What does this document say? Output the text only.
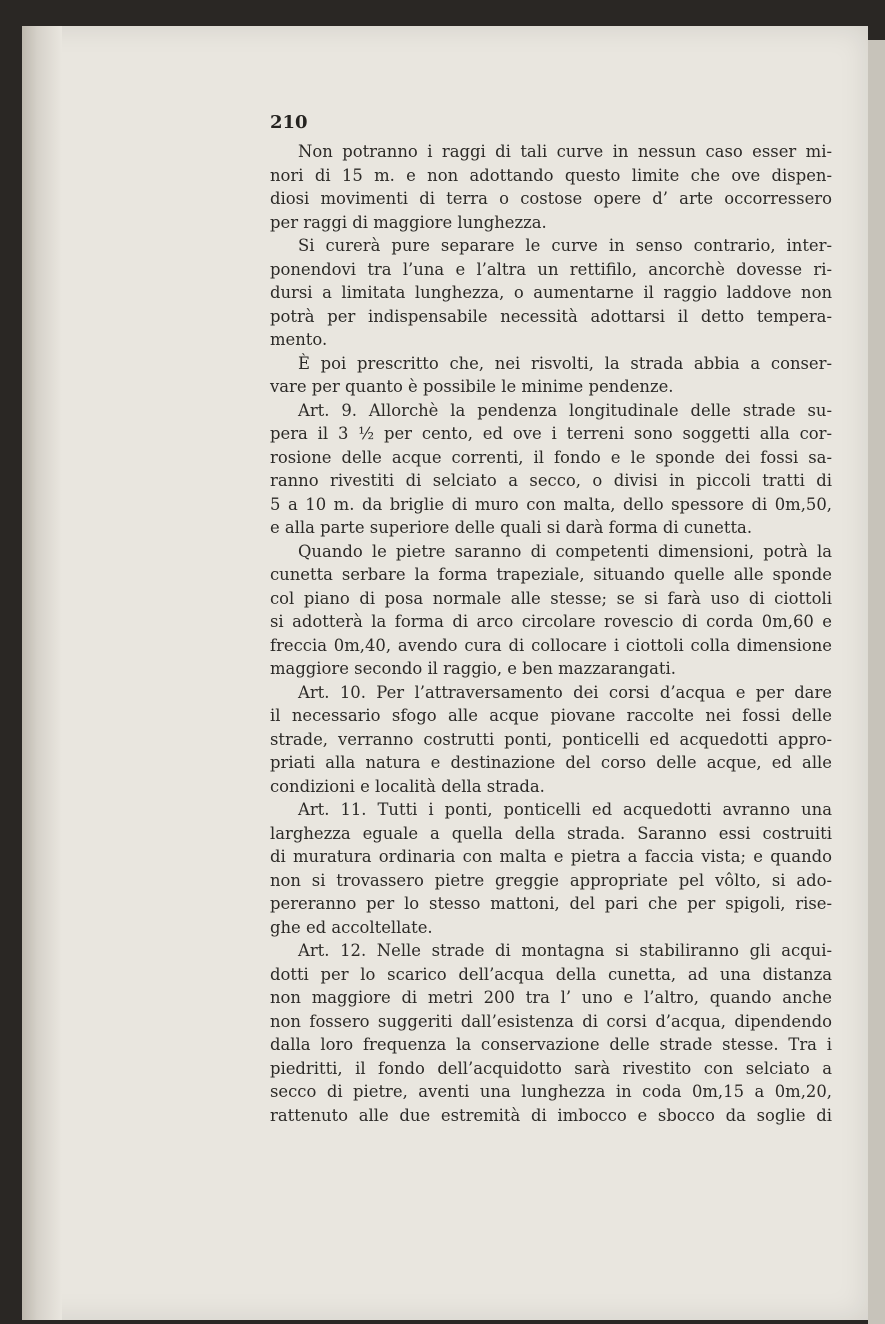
210
Non potranno i raggi di tali curve in nessun caso esser mi-
nori di 15 m. e non adottando questo limite che ove dispen-
diosi movimenti di terra o costose opere d’ arte occorressero
per raggi di maggiore lunghezza.
Si curerà pure separare le curve in senso contrario, inter-
ponendovi tra l’una e l’altra un rettifilo, ancorchè dovesse ri-
dursi a limitata lunghezza, o aumentarne il raggio laddove non
potrà per indispensabile necessità adottarsi il detto tempera-
mento.
È poi prescritto che, nei risvolti, la strada abbia a conser-
vare per quanto è possibile le minime pendenze.
Art. 9. Allorchè la pendenza longitudinale delle strade su-
pera il 3 ½ per cento, ed ove i terreni sono soggetti alla cor-
rosione delle acque correnti, il fondo e le sponde dei fossi sa-
ranno rivestiti di selciato a secco, o divisi in piccoli tratti di
5 a 10 m. da briglie di muro con malta, dello spessore di 0m,50,
e alla parte superiore delle quali si darà forma di cunetta.
Quando le pietre saranno di competenti dimensioni, potrà la
cunetta serbare la forma trapeziale, situando quelle alle sponde
col piano di posa normale alle stesse; se si farà uso di ciottoli
si adotterà la forma di arco circolare rovescio di corda 0m,60 e
freccia 0m,40, avendo cura di collocare i ciottoli colla dimensione
maggiore secondo il raggio, e ben mazzarangati.
Art. 10. Per l’attraversamento dei corsi d’acqua e per dare
il necessario sfogo alle acque piovane raccolte nei fossi delle
strade, verranno costrutti ponti, ponticelli ed acquedotti appro-
priati alla natura e destinazione del corso delle acque, ed alle
condizioni e località della strada.
Art. 11. Tutti i ponti, ponticelli ed acquedotti avranno una
larghezza eguale a quella della strada. Saranno essi costruiti
di muratura ordinaria con malta e pietra a faccia vista; e quando
non si trovassero pietre greggie appropriate pel vôlto, si ado-
pereranno per lo stesso mattoni, del pari che per spigoli, rise-
ghe ed accoltellate.
Art. 12. Nelle strade di montagna si stabiliranno gli acqui-
dotti per lo scarico dell’acqua della cunetta, ad una distanza
non maggiore di metri 200 tra l’ uno e l’altro, quando anche
non fossero suggeriti dall’esistenza di corsi d’acqua, dipendendo
dalla loro frequenza la conservazione delle strade stesse. Tra i
piedritti, il fondo dell’acquidotto sarà rivestito con selciato a
secco di pietre, aventi una lunghezza in coda 0m,15 a 0m,20,
rattenuto alle due estremità di imbocco e sbocco da soglie di
